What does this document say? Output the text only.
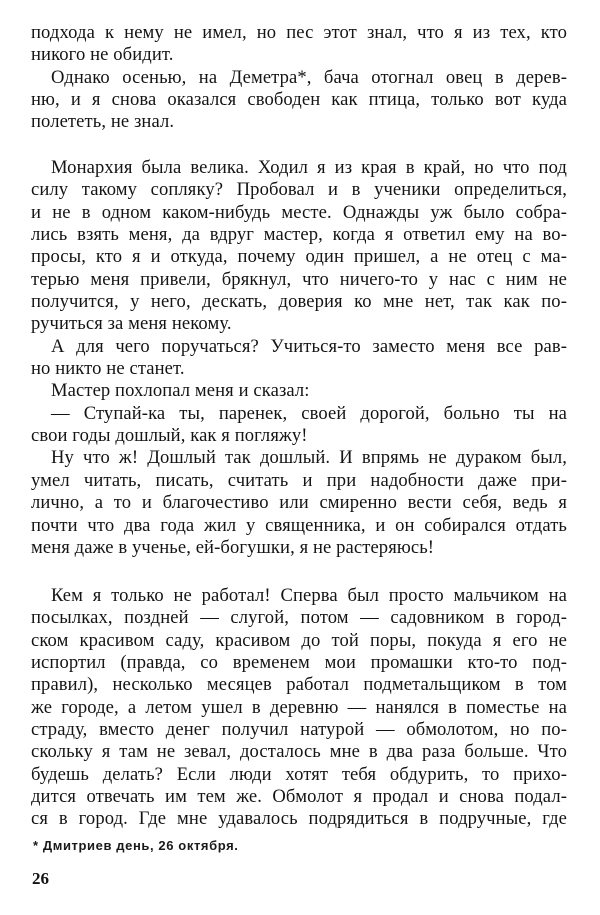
подхода к нему не имел, но пес этот знал, что я из тех, кто
никого не обидит.
Однако осенью, на Деметра*, бача отогнал овец в дерев-
ню, и я снова оказался свободен как птица, только вот куда
полететь, не знал.
Монархия была велика. Ходил я из края в край, но что под
силу такому сопляку? Пробовал и в ученики определиться,
и не в одном каком-нибудь месте. Однажды уж было собра-
лись взять меня, да вдруг мастер, когда я ответил ему на во-
просы, кто я и откуда, почему один пришел, а не отец с ма-
терью меня привели, брякнул, что ничего-то у нас с ним не
получится, у него, дескать, доверия ко мне нет, так как по-
ручиться за меня некому.
А для чего поручаться? Учиться-то заместо меня все рав-
но никто не станет.
Мастер похлопал меня и сказал:
— Ступай-ка ты, паренек, своей дорогой, больно ты на
свои годы дошлый, как я погляжу!
Ну что ж! Дошлый так дошлый. И впрямь не дураком был,
умел читать, писать, считать и при надобности даже при-
лично, а то и благочестиво или смиренно вести себя, ведь я
почти что два года жил у священника, и он собирался отдать
меня даже в ученье, ей-богушки, я не растеряюсь!
Кем я только не работал! Сперва был просто мальчиком на
посылках, поздней — слугой, потом — садовником в город-
ском красивом саду, красивом до той поры, покуда я его не
испортил (правда, со временем мои промашки кто-то под-
правил), несколько месяцев работал подметальщиком в том
же городе, а летом ушел в деревню — нанялся в поместье на
страду, вместо денег получил натурой — обмолотом, но по-
скольку я там не зевал, досталось мне в два раза больше. Что
будешь делать? Если люди хотят тебя обдурить, то прихо-
дится отвечать им тем же. Обмолот я продал и снова подал-
ся в город. Где мне удавалось подрядиться в подручные, где
* Дмитриев день, 26 октября.
26
